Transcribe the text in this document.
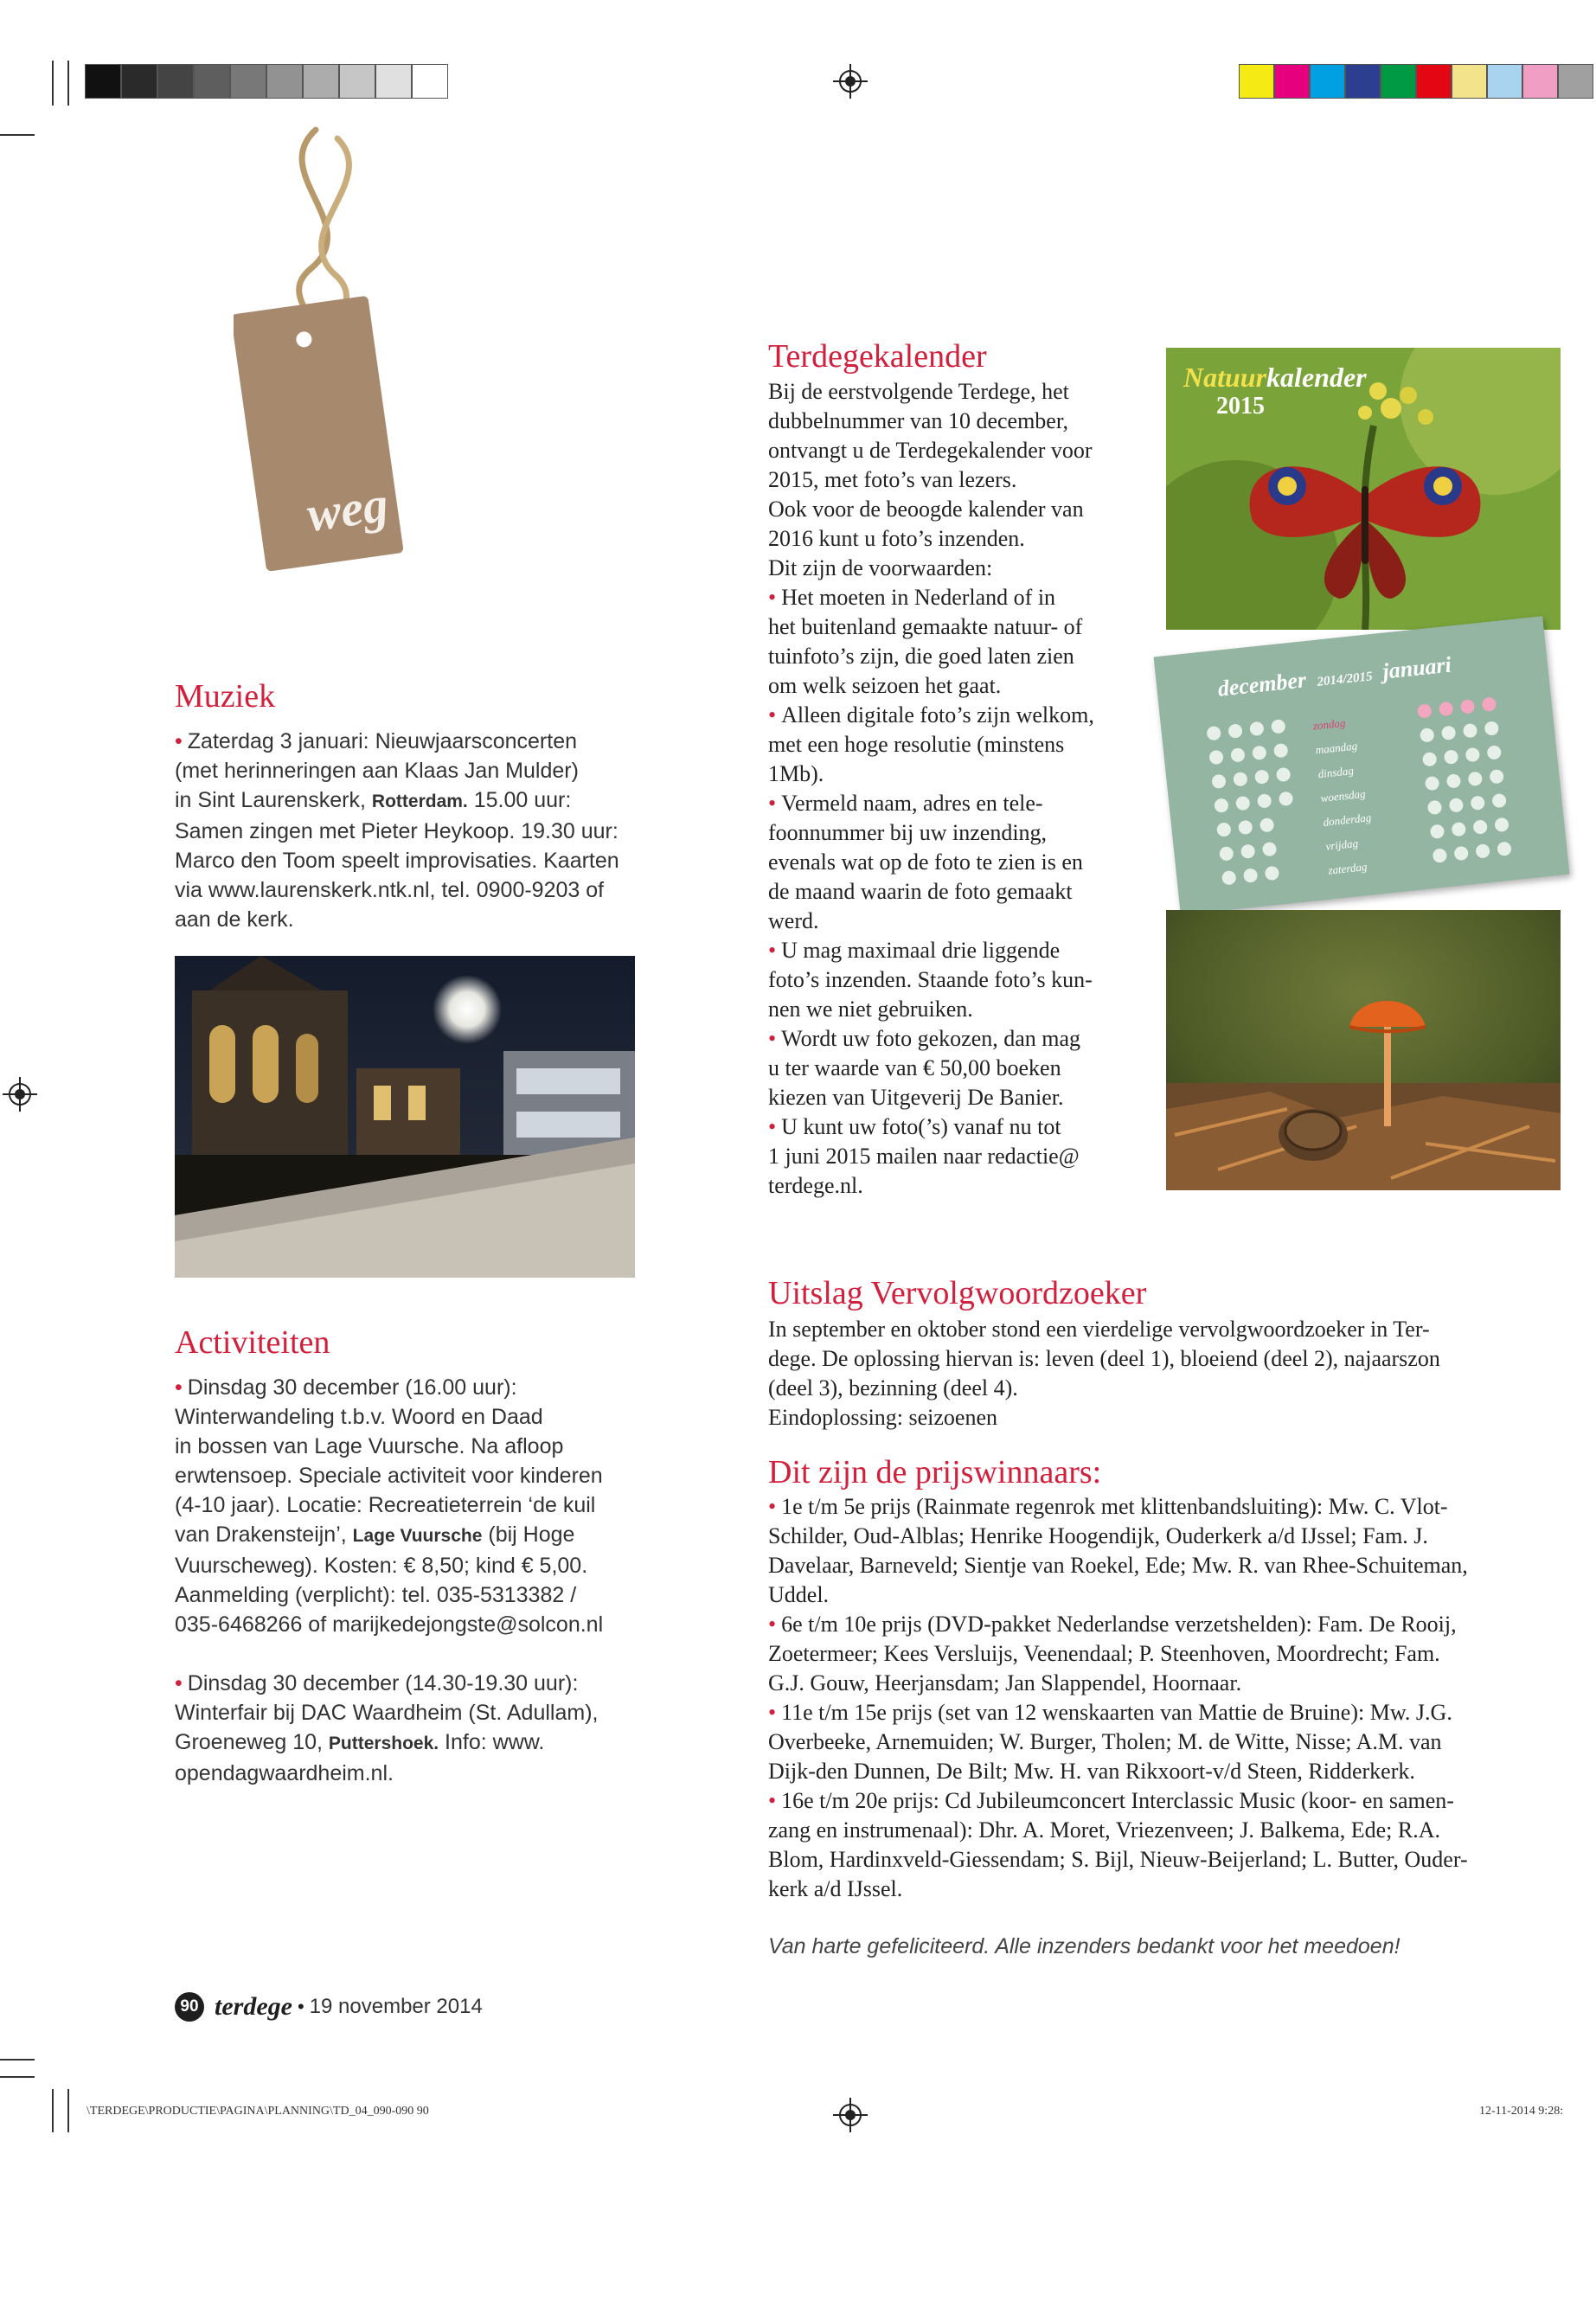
\TERDEGE\PRODUCTIE\PAGINA\PLANNING\TD_04_090-090 90	12-11-2014 9:28:
weg
Muziek

• Zaterdag 3 januari: Nieuwjaarsconcerten

(met herinneringen aan Klaas Jan Mulder)

in Sint Laurenskerk, Rotterdam. 15.00 uur:

Samen zingen met Pieter Heykoop. 19.30 uur:

Marco den Toom speelt improvisaties. Kaarten

via www.laurenskerk.ntk.nl, tel. 0900-9203 of

aan de kerk.

Activiteiten

• Dinsdag 30 december (16.00 uur):

Winterwandeling t.b.v. Woord en Daad

in bossen van Lage Vuursche. Na afloop

erwtensoep. Speciale activiteit voor kinderen

(4-10 jaar). Locatie: Recreatieterrein ‘de kuil

van Drakensteijn’, Lage Vuursche (bij Hoge

Vuurscheweg). Kosten: € 8,50; kind € 5,00.

Aanmelding (verplicht): tel. 035-5313382 /

035-6468266 of marijkedejongste@solcon.nl

• Dinsdag 30 december (14.30-19.30 uur):

Winterfair bij DAC Waardheim (St. Adullam),

Groeneweg 10, Puttershoek. Info: www.

opendagwaardheim.nl.

Terdegekalender

Bij de eerstvolgende Terdege, het

dubbelnummer van 10 december,

ontvangt u de Terdegekalender voor

2015, met foto’s van lezers.

Ook voor de beoogde kalender van

2016 kunt u foto’s inzenden.

Dit zijn de voorwaarden:

• Het moeten in Nederland of in

het buitenland gemaakte natuur- of

tuinfoto’s zijn, die goed laten zien

om welk seizoen het gaat.

• Alleen digitale foto’s zijn welkom,

met een hoge resolutie (minstens

1Mb).

• Vermeld naam, adres en tele-

foonnummer bij uw inzending,

evenals wat op de foto te zien is en

de maand waarin de foto gemaakt

werd.

• U mag maximaal drie liggende

foto’s inzenden. Staande foto’s kun-

nen we niet gebruiken.

• Wordt uw foto gekozen, dan mag

u ter waarde van € 50,00 boeken

kiezen van Uitgeverij De Banier.

• U kunt uw foto(’s) vanaf nu tot

1 juni 2015 mailen naar redactie@

terdege.nl.

Natuurkalender
2015
december 2014/2015 januari
zondag
maandag
dinsdag
woensdag
donderdag
vrijdag
zaterdag
Uitslag Vervolgwoordzoeker

In september en oktober stond een vierdelige vervolgwoordzoeker in Ter-

dege. De oplossing hiervan is: leven (deel 1), bloeiend (deel 2), najaarszon

(deel 3), bezinning (deel 4).

Eindoplossing: seizoenen

Dit zijn de prijswinnaars:

• 1e t/m 5e prijs (Rainmate regenrok met klittenbandsluiting): Mw. C. Vlot-

Schilder, Oud-Alblas; Henrike Hoogendijk, Ouderkerk a/d IJssel; Fam. J.

Davelaar, Barneveld; Sientje van Roekel, Ede; Mw. R. van Rhee-Schuiteman,

Uddel.

• 6e t/m 10e prijs (DVD-pakket Nederlandse verzetshelden): Fam. De Rooij,

Zoetermeer; Kees Versluijs, Veenendaal; P. Steenhoven, Moordrecht; Fam.

G.J. Gouw, Heerjansdam; Jan Slappendel, Hoornaar.

• 11e t/m 15e prijs (set van 12 wenskaarten van Mattie de Bruine): Mw. J.G.

Overbeeke, Arnemuiden; W. Burger, Tholen; M. de Witte, Nisse; A.M. van

Dijk-den Dunnen, De Bilt; Mw. H. van Rikxoort-v/d Steen, Ridderkerk.

• 16e t/m 20e prijs: Cd Jubileumconcert Interclassic Music (koor- en samen-

zang en instrumenaal): Dhr. A. Moret, Vriezenveen; J. Balkema, Ede; R.A.

Blom, Hardinxveld-Giessendam; S. Bijl, Nieuw-Beijerland; L. Butter, Ouder-

kerk a/d IJssel.

Van harte gefeliciteerd. Alle inzenders bedankt voor het meedoen!
90 terdege • 19 november 2014
